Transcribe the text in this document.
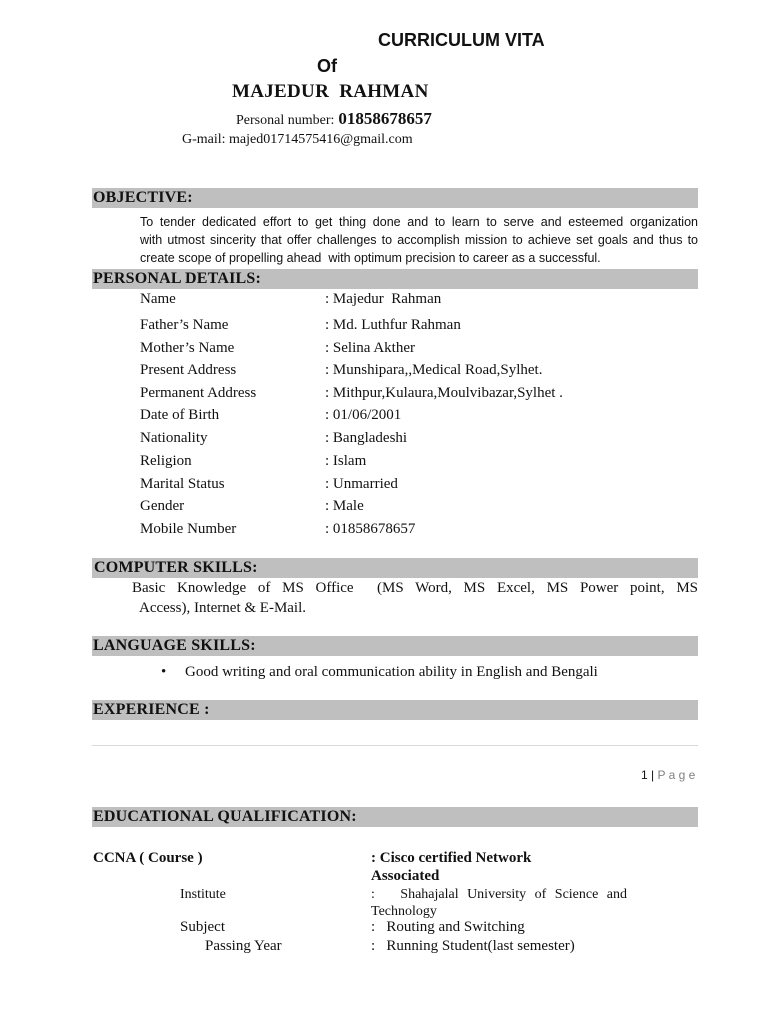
CURRICULUM VITA
Of
MAJEDUR  RAHMAN
Personal number: 01858678657
G-mail: majed01714575416@gmail.com
OBJECTIVE:
To tender dedicated effort to get thing done and to learn to serve and esteemed organization
with utmost sincerity that offer challenges to accomplish mission to achieve set goals and thus to
create scope of propelling ahead  with optimum precision to career as a successful.
PERSONAL DETAILS:
Name	: Majedur  Rahman
Father’s Name	: Md. Luthfur Rahman
Mother’s Name	: Selina Akther
Present Address	: Munshipara,,Medical Road,Sylhet.
Permanent Address	: Mithpur,Kulaura,Moulvibazar,Sylhet .
Date of Birth	: 01/06/2001
Nationality	: Bangladeshi
Religion	: Islam
Marital Status	: Unmarried
Gender	: Male
Mobile Number	: 01858678657
COMPUTER SKILLS:
Basic Knowledge of MS Office  (MS Word, MS Excel, MS Power point, MS
Access), Internet & E-Mail.
LANGUAGE SKILLS:
• Good writing and oral communication ability in English and Bengali
EXPERIENCE :
1 | P a g e
EDUCATIONAL QUALIFICATION:
CCNA ( Course )	: Cisco certified Network
Associated
Institute	:   Shahajalal University of Science and
Technology
Subject	:   Routing and Switching
Passing Year	:   Running Student(last semester)
